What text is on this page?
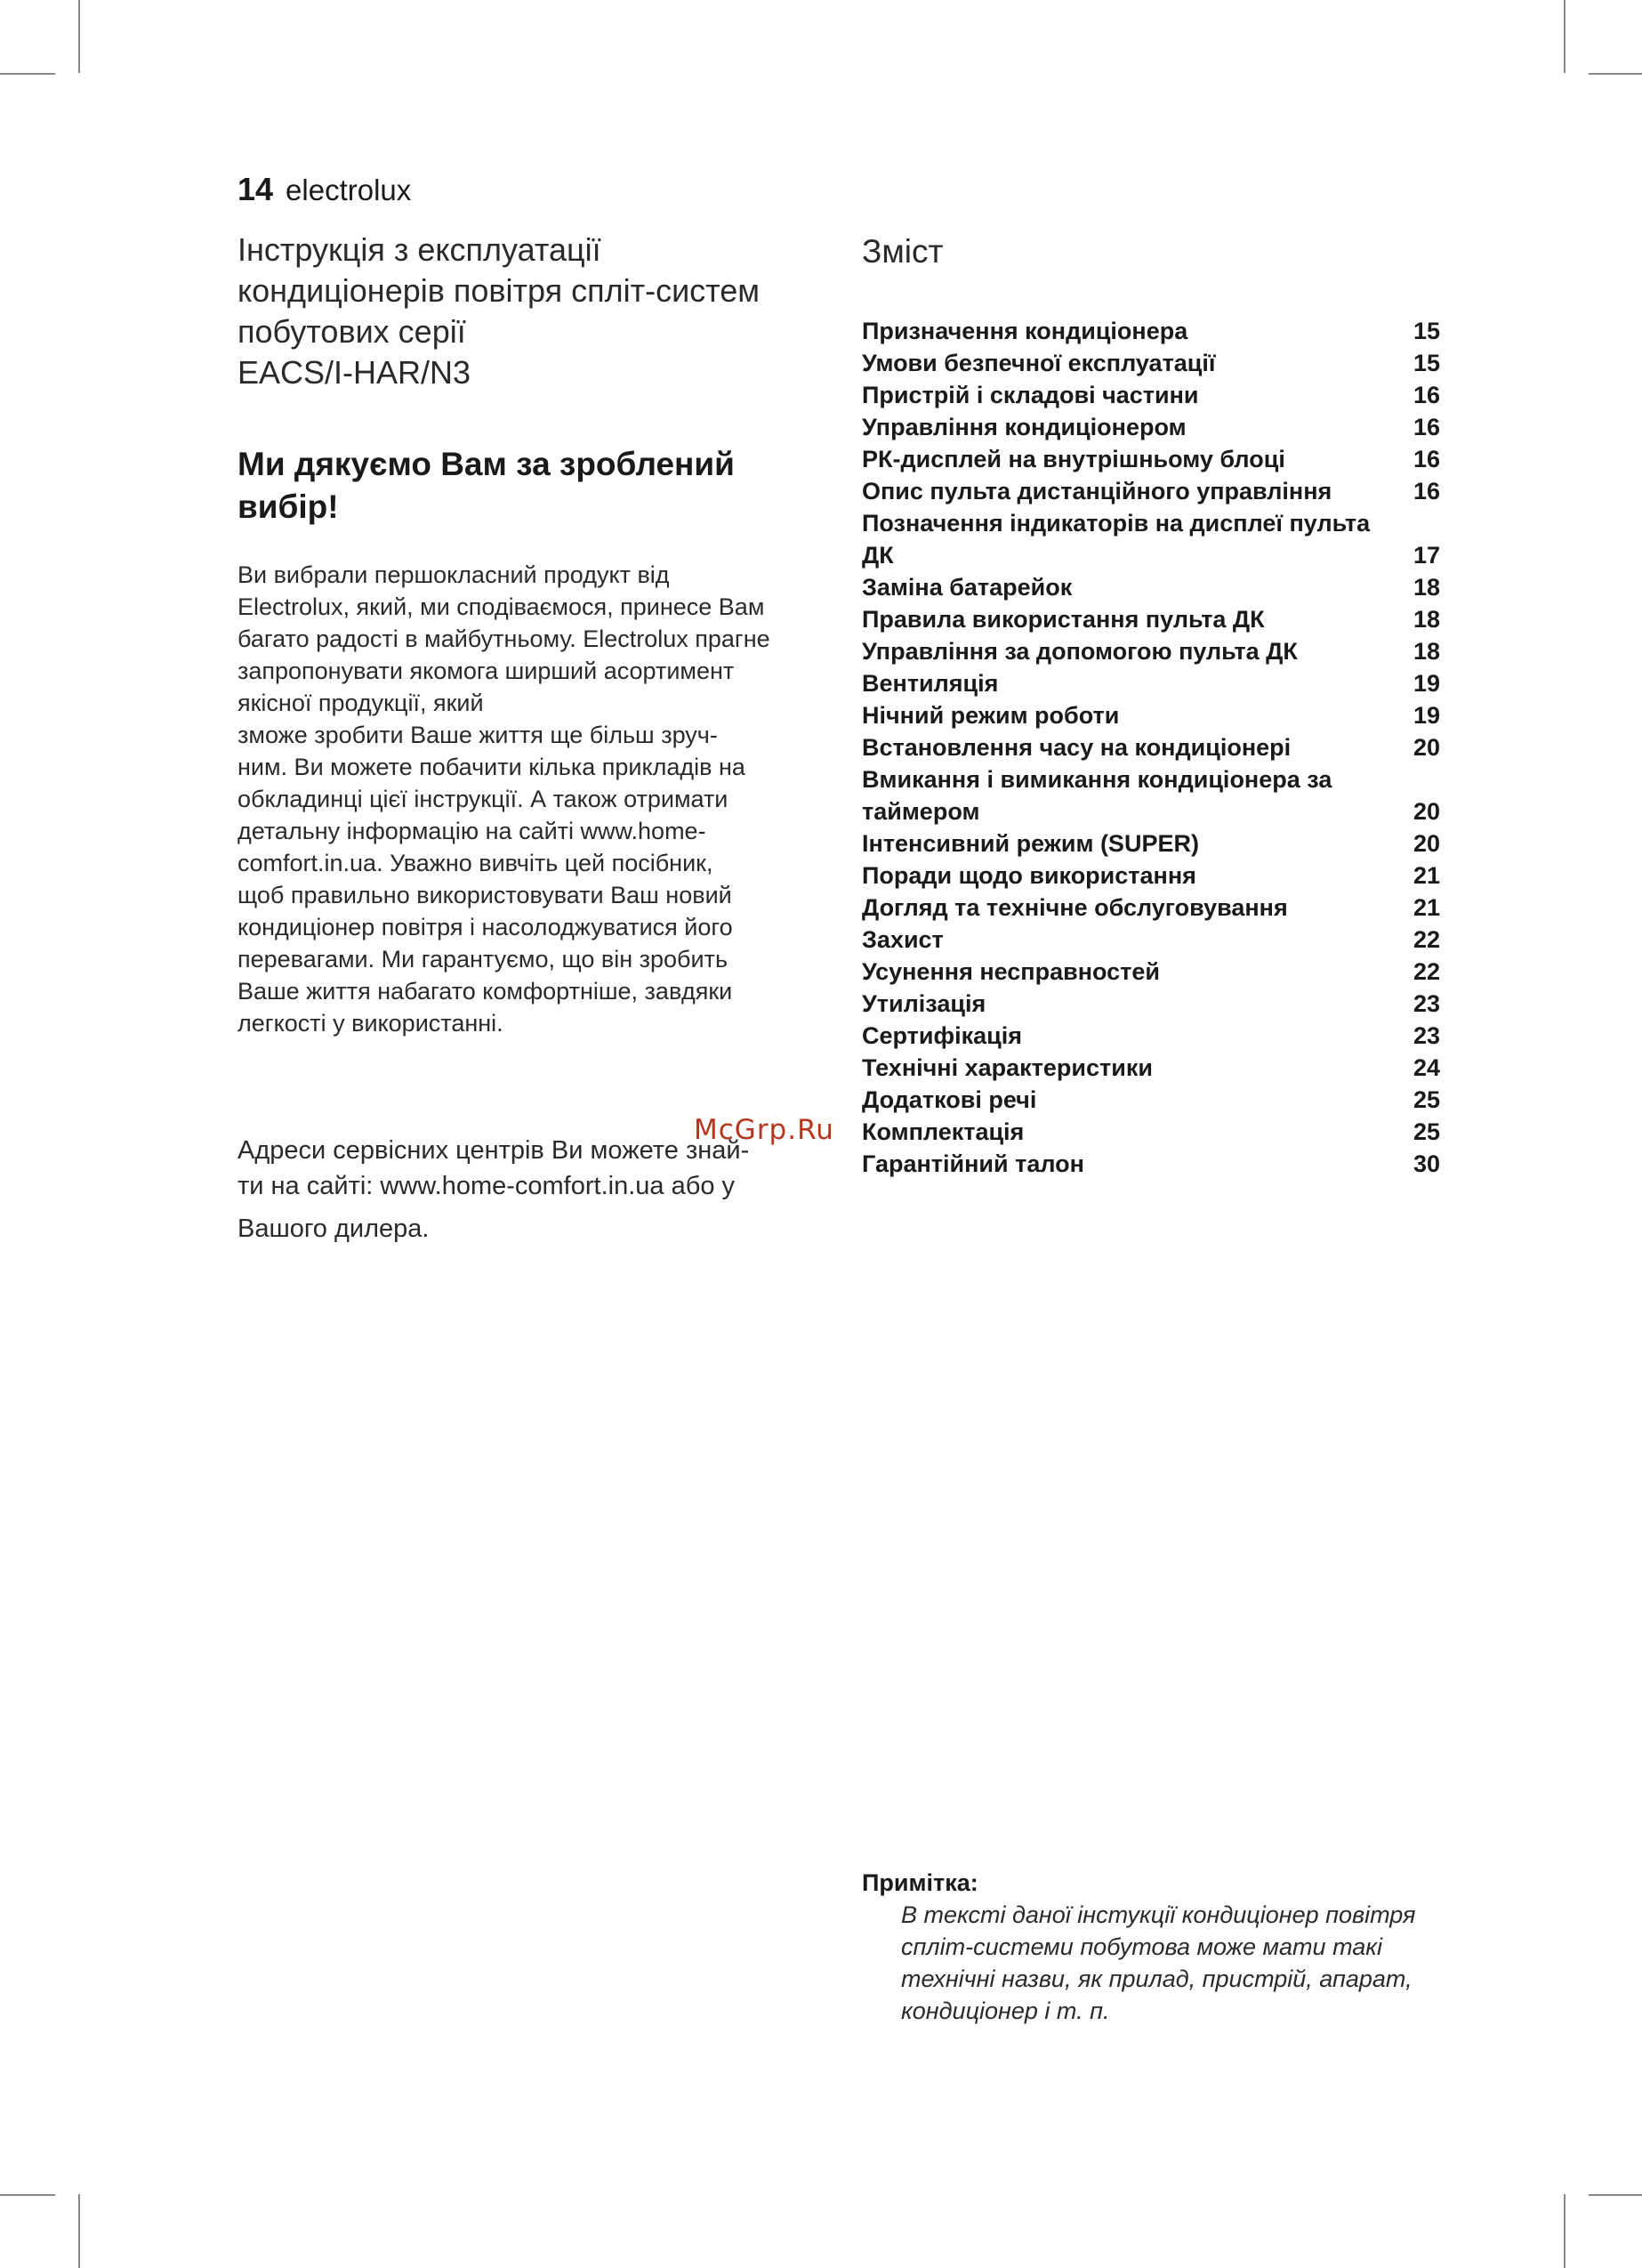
14 electrolux
Інструкція з експлуатації
кондиціонерів повітря спліт-систем
побутових серії
EACS/I-HAR/N3
Ми дякуємо Вам за зроблений
вибір!

Ви вибрали першокласний продукт від

Electrolux, який, ми сподіваємося, принесе Вам

багато радості в майбутньому. Electrolux прагне

запропонувати якомога ширший асортимент

якісної продукції, який

зможе зробити Ваше життя ще більш зруч-

ним. Ви можете побачити кілька прикладів на

обкладинці цієї інструкції. А також отримати

детальну інформацію на сайті www.home-

comfort.in.ua. Уважно вивчіть цей посібник,

щоб правильно використовувати Ваш новий

кондиціонер повітря і насолоджуватися його

перевагами. Ми гарантуємо, що він зробить

Ваше життя набагато комфортніше, завдяки

легкості у використанні.

Адреси сервісних центрів Ви можете знай-
ти на сайті: www.home-comfort.in.ua або у
Вашого дилера.
Зміст
Призначення кондиціонера	15
Умови безпечної експлуатації	15
Пристрій і складові частини	16
Управління кондиціонером	16
РК-дисплей на внутрішньому блоці	16
Опис пульта дистанційного управління	16
Позначення індикаторів на дисплеї пульта ДК	17
Заміна батарейок	18
Правила використання пульта ДК	18
Управління за допомогою пульта ДК	18
Вентиляція	19
Нічний режим роботи	19
Встановлення часу на кондиціонері	20
Вмикання і вимикання кондиціонера за таймером	20
Інтенсивний режим (SUPER)	20
Поради щодо використання	21
Догляд та технічне обслуговування	21
Захист	22
Усунення несправностей	22
Утилізація	23
Сертифікація	23
Технічні характеристики	24
Додаткові речі	25
Комплектація	25
Гарантійний талон	30
McGrp.Ru
Примітка:
В тексті даної інстукції кондиціонер повітря
спліт-системи побутова може мати такі
технічні назви, як прилад, пристрій, апарат,
кондиціонер і т. п.
